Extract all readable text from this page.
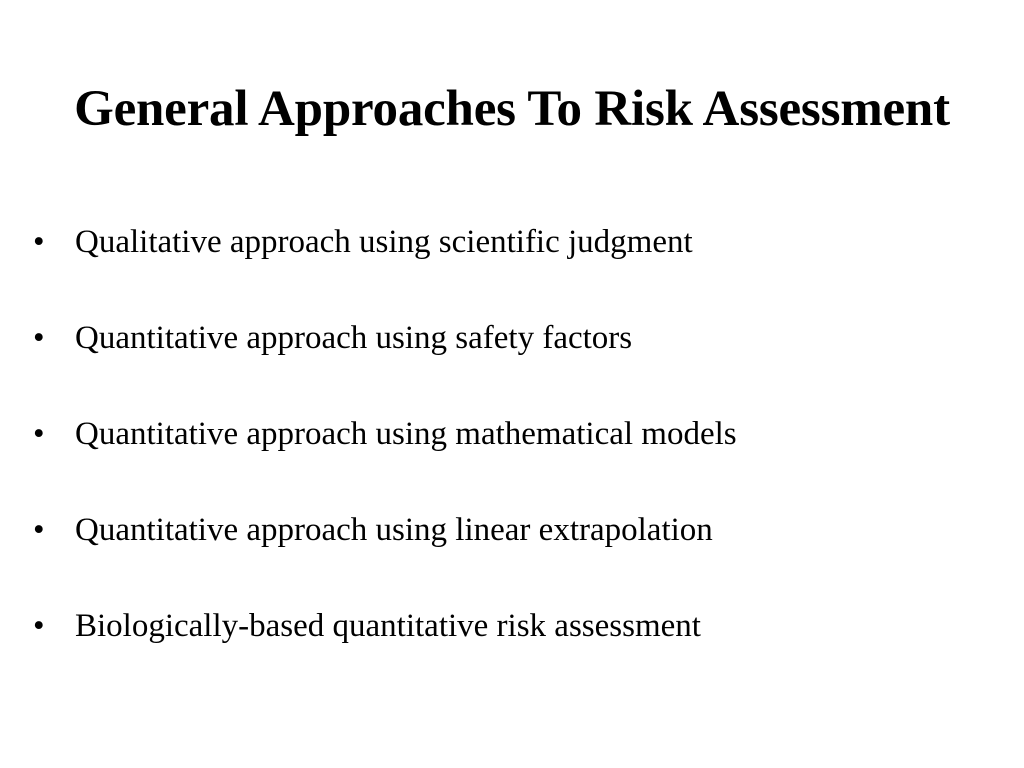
General Approaches To Risk Assessment
• Qualitative approach using scientific judgment
• Quantitative approach using safety factors
• Quantitative approach using mathematical models
• Quantitative approach using linear extrapolation
• Biologically-based quantitative risk assessment
